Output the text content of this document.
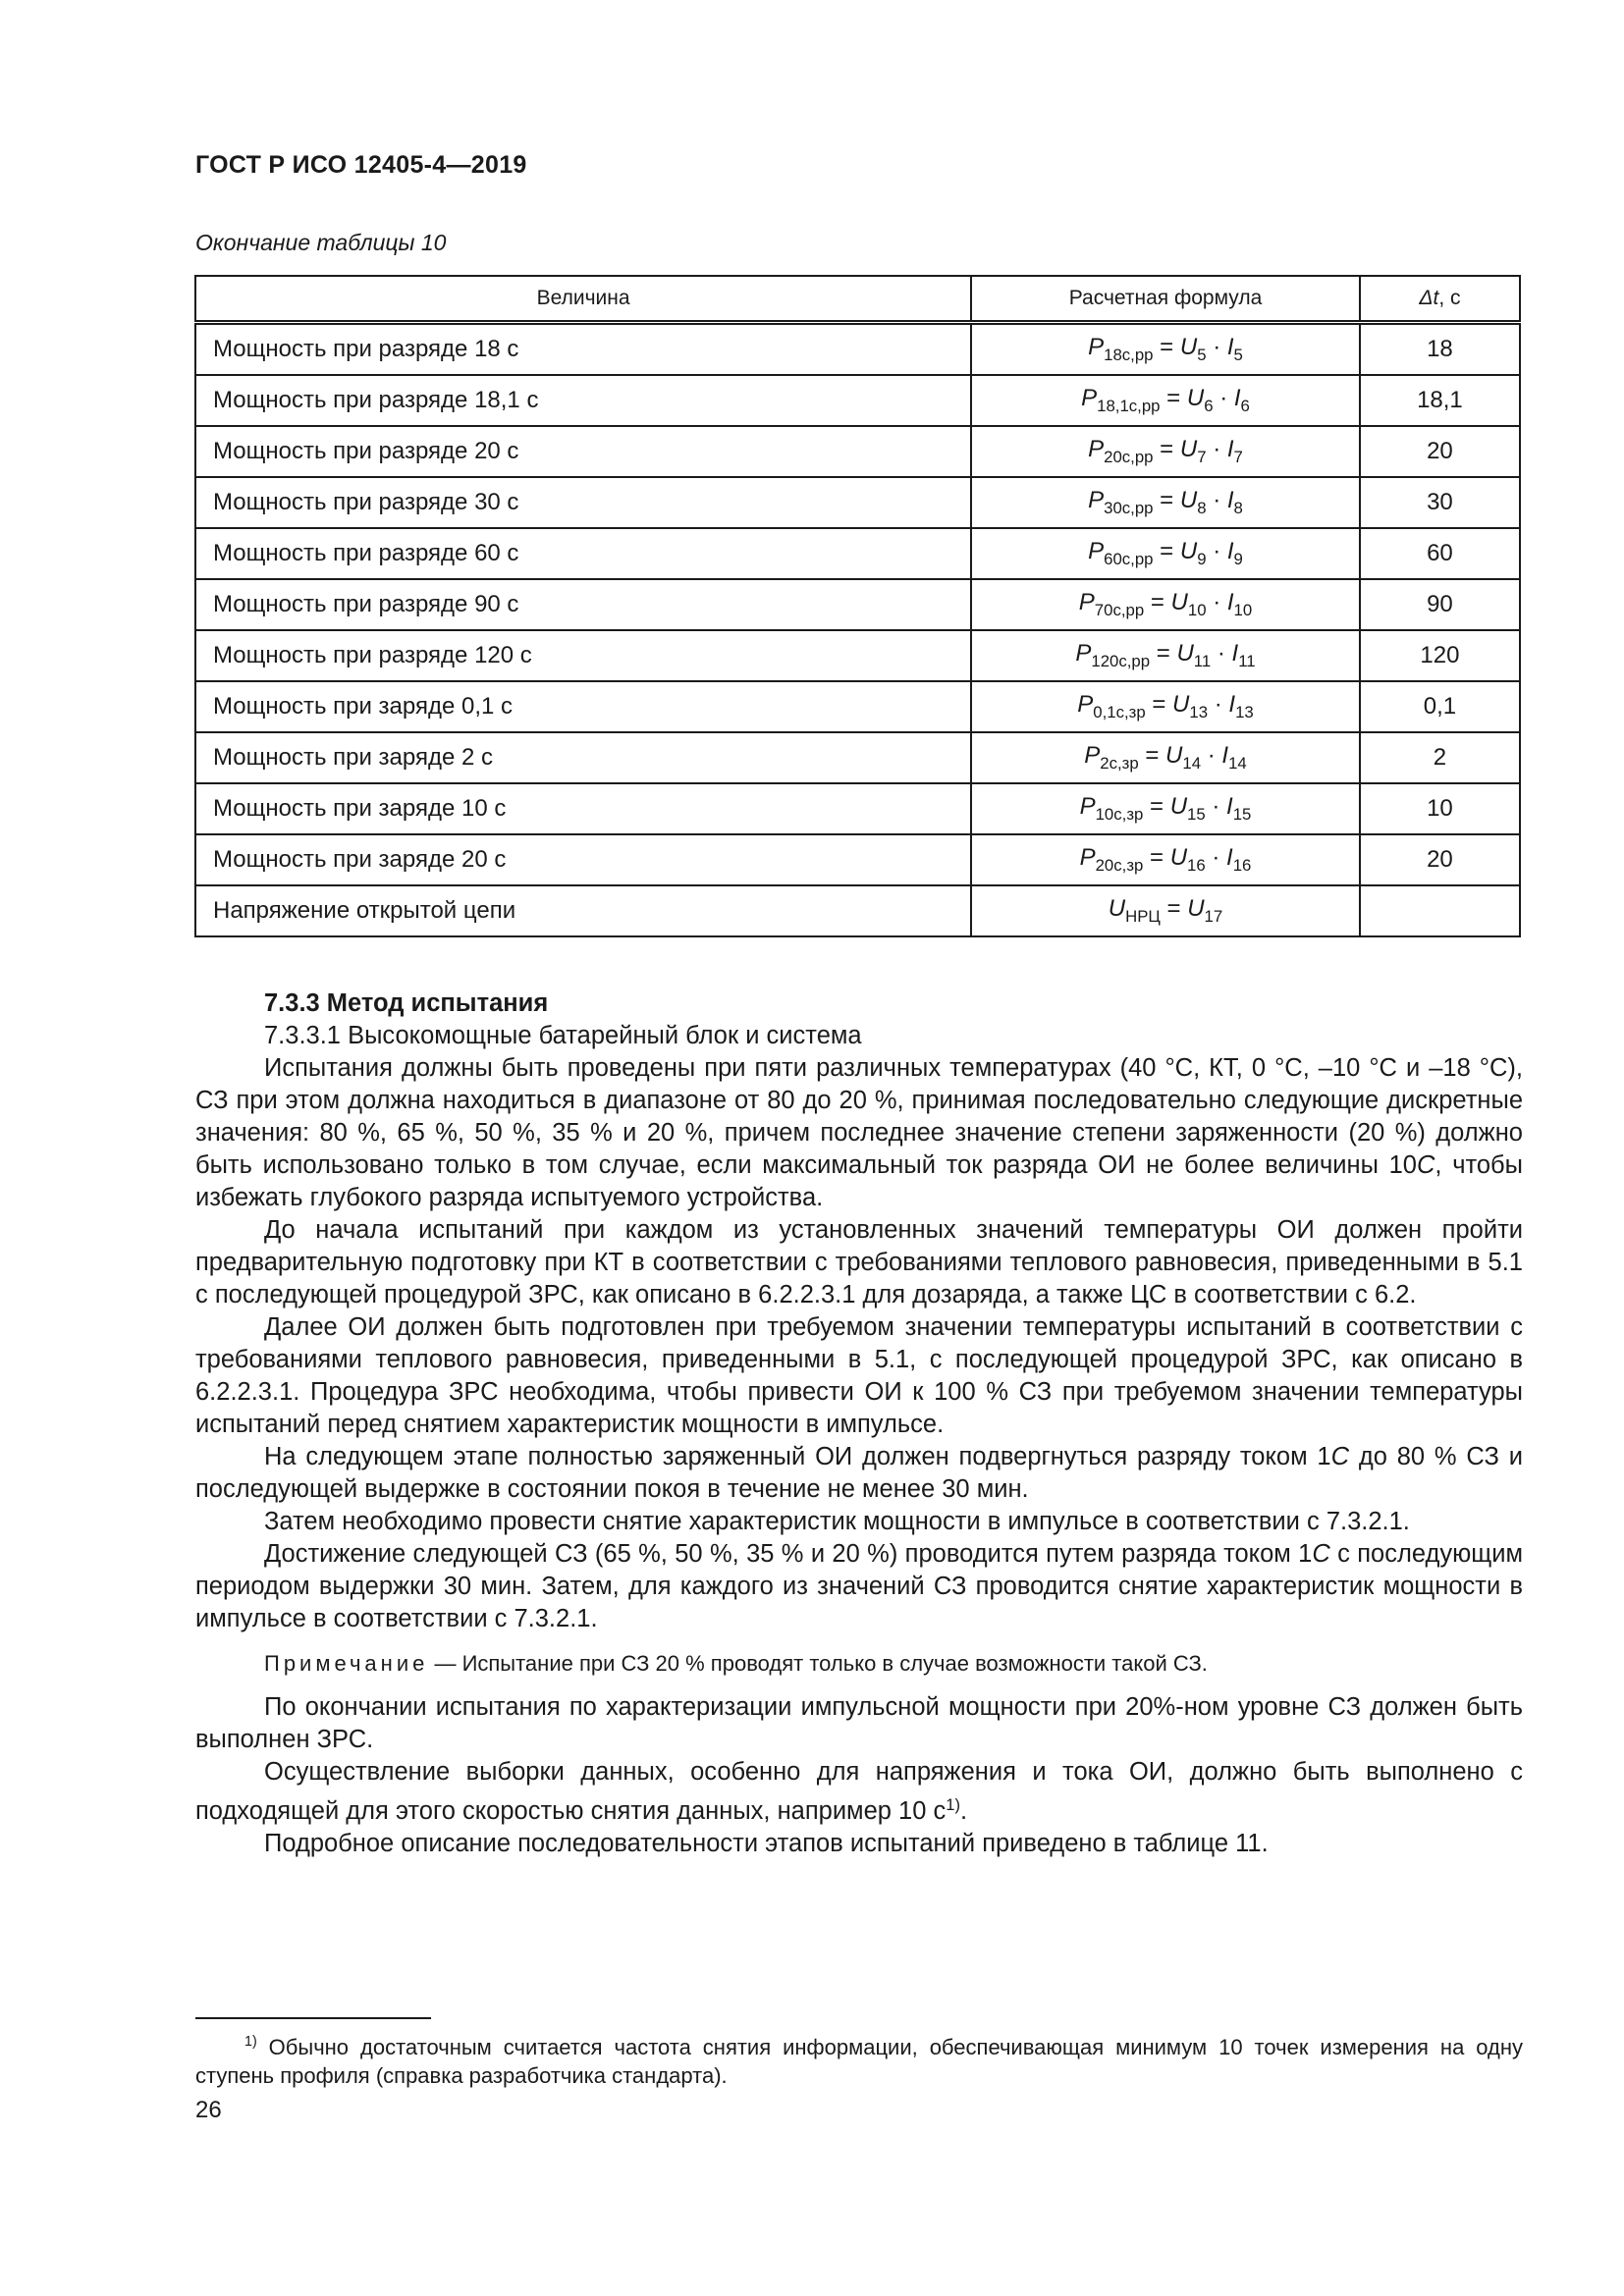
ГОСТ Р ИСО 12405-4—2019
Окончание таблицы 10
Величина	Расчетная формула	Δt, с
Мощность при разряде 18 с	$P_{18с,рр} = U_5 \cdot I_5$	18
Мощность при разряде 18,1 с	$P_{18,1с,рр} = U_6 \cdot I_6$	18,1
Мощность при разряде 20 с	$P_{20с,рр} = U_7 \cdot I_7$	20
Мощность при разряде 30 с	$P_{30с,рр} = U_8 \cdot I_8$	30
Мощность при разряде 60 с	$P_{60с,рр} = U_9 \cdot I_9$	60
Мощность при разряде 90 с	$P_{70с,рр} = U_{10} \cdot I_{10}$	90
Мощность при разряде 120 с	$P_{120с,рр} = U_{11} \cdot I_{11}$	120
Мощность при заряде 0,1 с	$P_{0,1с,зр} = U_{13} \cdot I_{13}$	0,1
Мощность при заряде 2 с	$P_{2с,зр} = U_{14} \cdot I_{14}$	2
Мощность при заряде 10 с	$P_{10с,зр} = U_{15} \cdot I_{15}$	10
Мощность при заряде 20 с	$P_{20с,зр} = U_{16} \cdot I_{16}$	20
Напряжение открытой цепи	$U_{НРЦ} = U_{17}$	

7.3.3 Метод испытания

7.3.3.1 Высокомощные батарейный блок и система

Испытания должны быть проведены при пяти различных температурах (40 °С, КТ, 0 °С, –10 °С и –18 °С), СЗ при этом должна находиться в диапазоне от 80 до 20 %, принимая последовательно следующие дискретные значения: 80 %, 65 %, 50 %, 35 % и 20 %, причем последнее значение степени заряженности (20 %) должно быть использовано только в том случае, если максимальный ток разряда ОИ не более величины 10C, чтобы избежать глубокого разряда испытуемого устройства.

До начала испытаний при каждом из установленных значений температуры ОИ должен пройти предварительную подготовку при КТ в соответствии с требованиями теплового равновесия, приведенными в 5.1 с последующей процедурой ЗРС, как описано в 6.2.2.3.1 для дозаряда, а также ЦС в соответствии с 6.2.

Далее ОИ должен быть подготовлен при требуемом значении температуры испытаний в соответствии с требованиями теплового равновесия, приведенными в 5.1, с последующей процедурой ЗРС, как описано в 6.2.2.3.1. Процедура ЗРС необходима, чтобы привести ОИ к 100 % СЗ при требуемом значении температуры испытаний перед снятием характеристик мощности в импульсе.

На следующем этапе полностью заряженный ОИ должен подвергнуться разряду током 1C до 80 % СЗ и последующей выдержке в состоянии покоя в течение не менее 30 мин.

Затем необходимо провести снятие характеристик мощности в импульсе в соответствии с 7.3.2.1.

Достижение следующей СЗ (65 %, 50 %, 35 % и 20 %) проводится путем разряда током 1C с последующим периодом выдержки 30 мин. Затем, для каждого из значений СЗ проводится снятие характеристик мощности в импульсе в соответствии с 7.3.2.1.

Примечание — Испытание при СЗ 20 % проводят только в случае возможности такой СЗ.

По окончании испытания по характеризации импульсной мощности при 20%-ном уровне СЗ должен быть выполнен ЗРС.

Осуществление выборки данных, особенно для напряжения и тока ОИ, должно быть выполнено с подходящей для этого скоростью снятия данных, например 10 $с^{1)}$.

Подробное описание последовательности этапов испытаний приведено в таблице 11.

$^{1)}$ Обычно достаточным считается частота снятия информации, обеспечивающая минимум 10 точек измерения на одну ступень профиля (справка разработчика стандарта).
26
